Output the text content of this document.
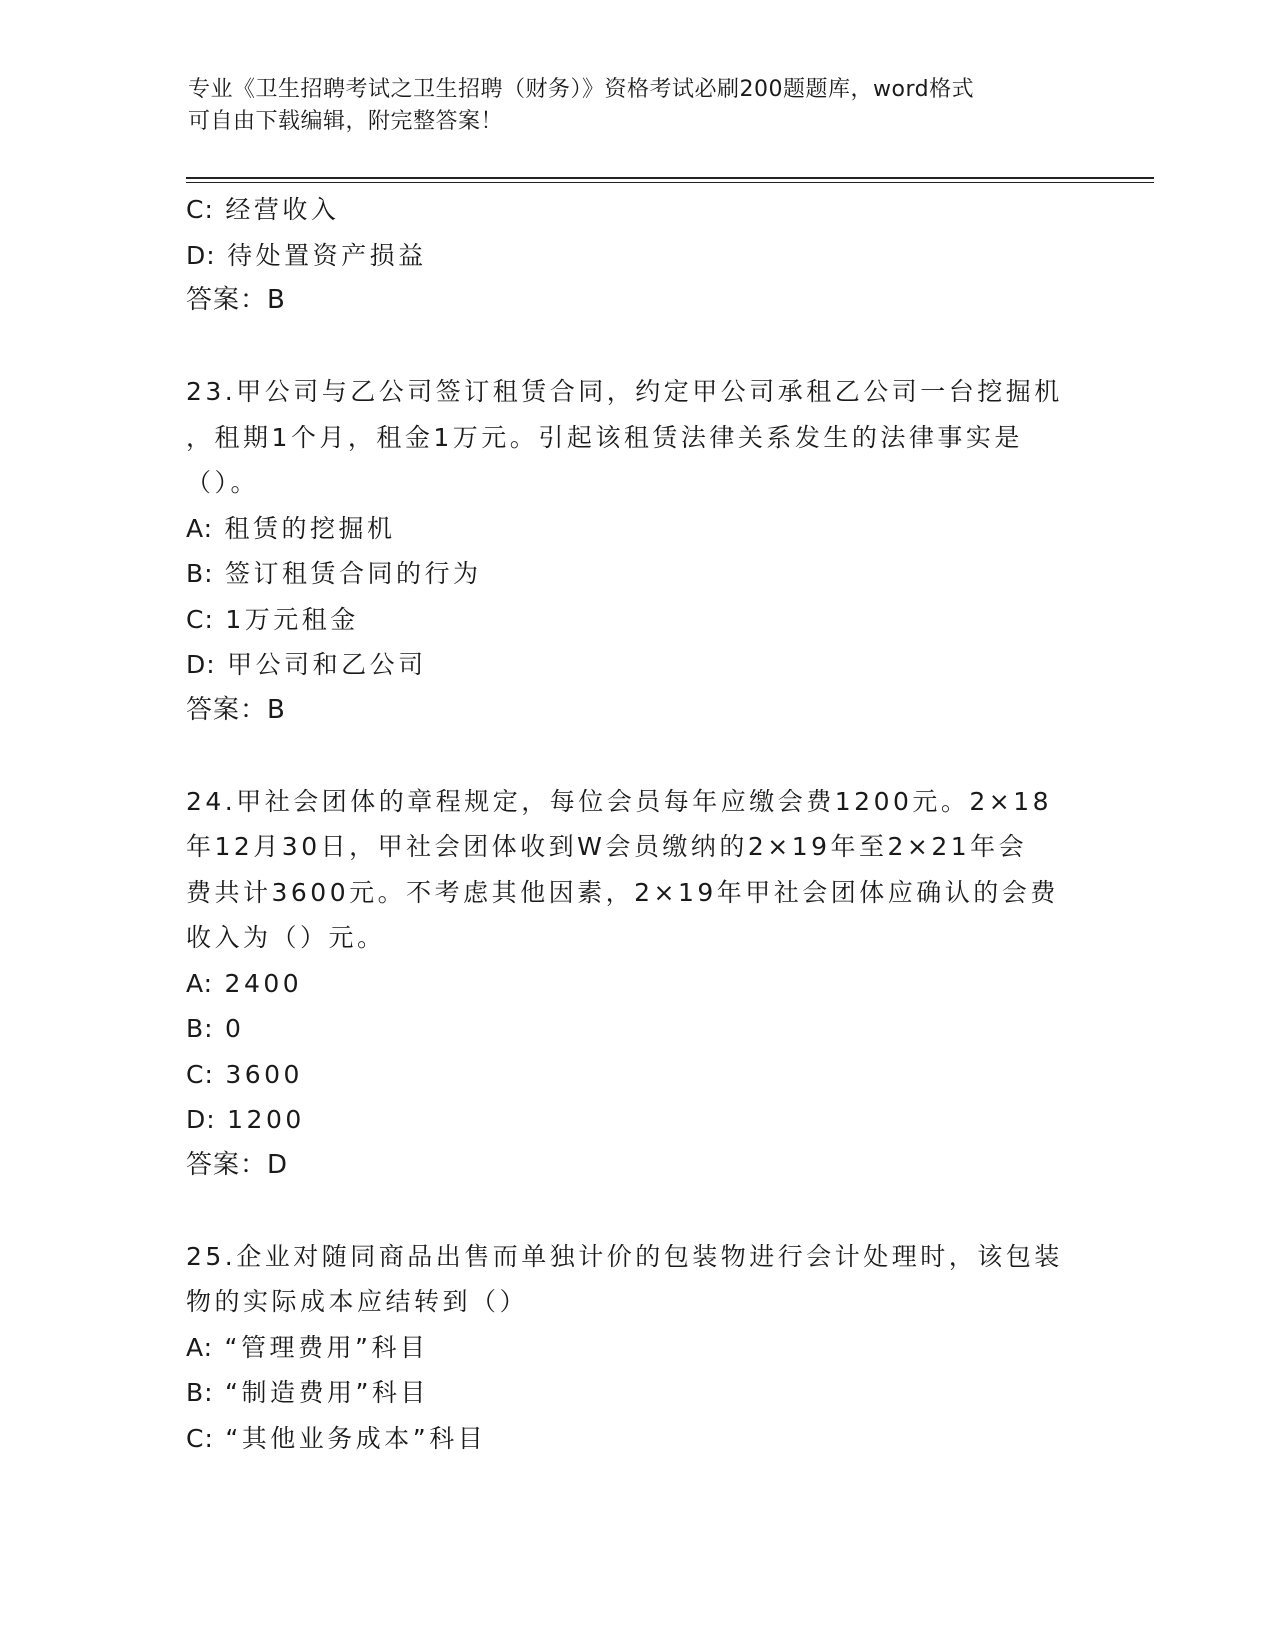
专业《卫生招聘考试之卫生招聘（财务）》资格考试必刷200题题库，word格式
可自由下载编辑，附完整答案！
C: 经营收入
D: 待处置资产损益
答案：B
23.甲公司与乙公司签订租赁合同，约定甲公司承租乙公司一台挖掘机
，租期1个月，租金1万元。引起该租赁法律关系发生的法律事实是
（）。
A: 租赁的挖掘机
B: 签订租赁合同的行为
C: 1万元租金
D: 甲公司和乙公司
答案：B
24.甲社会团体的章程规定，每位会员每年应缴会费1200元。2×18
年12月30日，甲社会团体收到W会员缴纳的2×19年至2×21年会
费共计3600元。不考虑其他因素，2×19年甲社会团体应确认的会费
收入为（）元。
A: 2400
B: 0
C: 3600
D: 1200
答案：D
25.企业对随同商品出售而单独计价的包装物进行会计处理时，该包装
物的实际成本应结转到（）
A: “管理费用”科目
B: “制造费用”科目
C: “其他业务成本”科目
